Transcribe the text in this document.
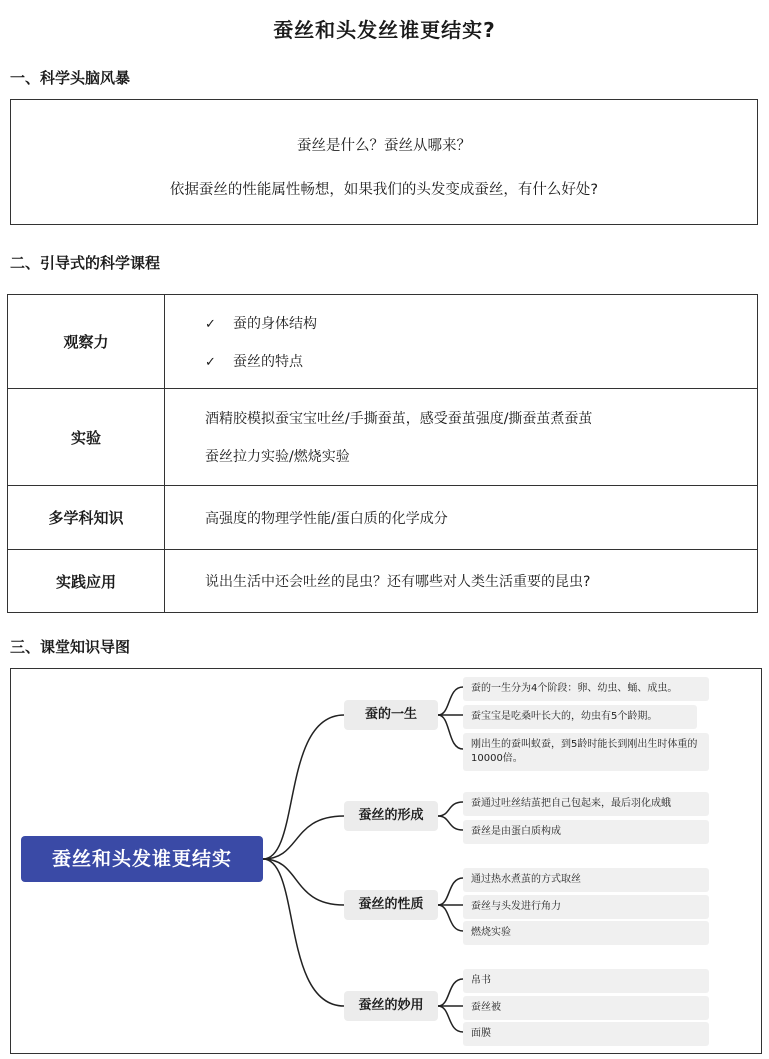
蚕丝和头发丝谁更结实?
一、科学头脑风暴

蚕丝是什么？蚕丝从哪来？

依据蚕丝的性能属性畅想，如果我们的头发变成蚕丝，有什么好处?

二、引导式的科学课程
观察力	✓ 蚕的身体结构
✓ 蚕丝的特点

实验	酒精胶模拟蚕宝宝吐丝/手撕蚕茧，感受蚕茧强度/撕蚕茧煮蚕茧
蚕丝拉力实验/燃烧实验

多学科知识	高强度的物理学性能/蛋白质的化学成分

实践应用	说出生活中还会吐丝的昆虫？还有哪些对人类生活重要的昆虫?
三、课堂知识导图
蚕丝和头发谁更结实
蚕的一生
蚕丝的形成
蚕丝的性质
蚕丝的妙用
蚕的一生分为4个阶段：卵、幼虫、蛹、成虫。
蚕宝宝是吃桑叶长大的，幼虫有5个龄期。
刚出生的蚕叫蚁蚕，到5龄时能长到刚出生时体重的10000倍。
蚕通过吐丝结茧把自己包起来，最后羽化成蛾
蚕丝是由蛋白质构成
通过热水煮茧的方式取丝
蚕丝与头发进行角力
燃烧实验
帛书
蚕丝被
面膜
